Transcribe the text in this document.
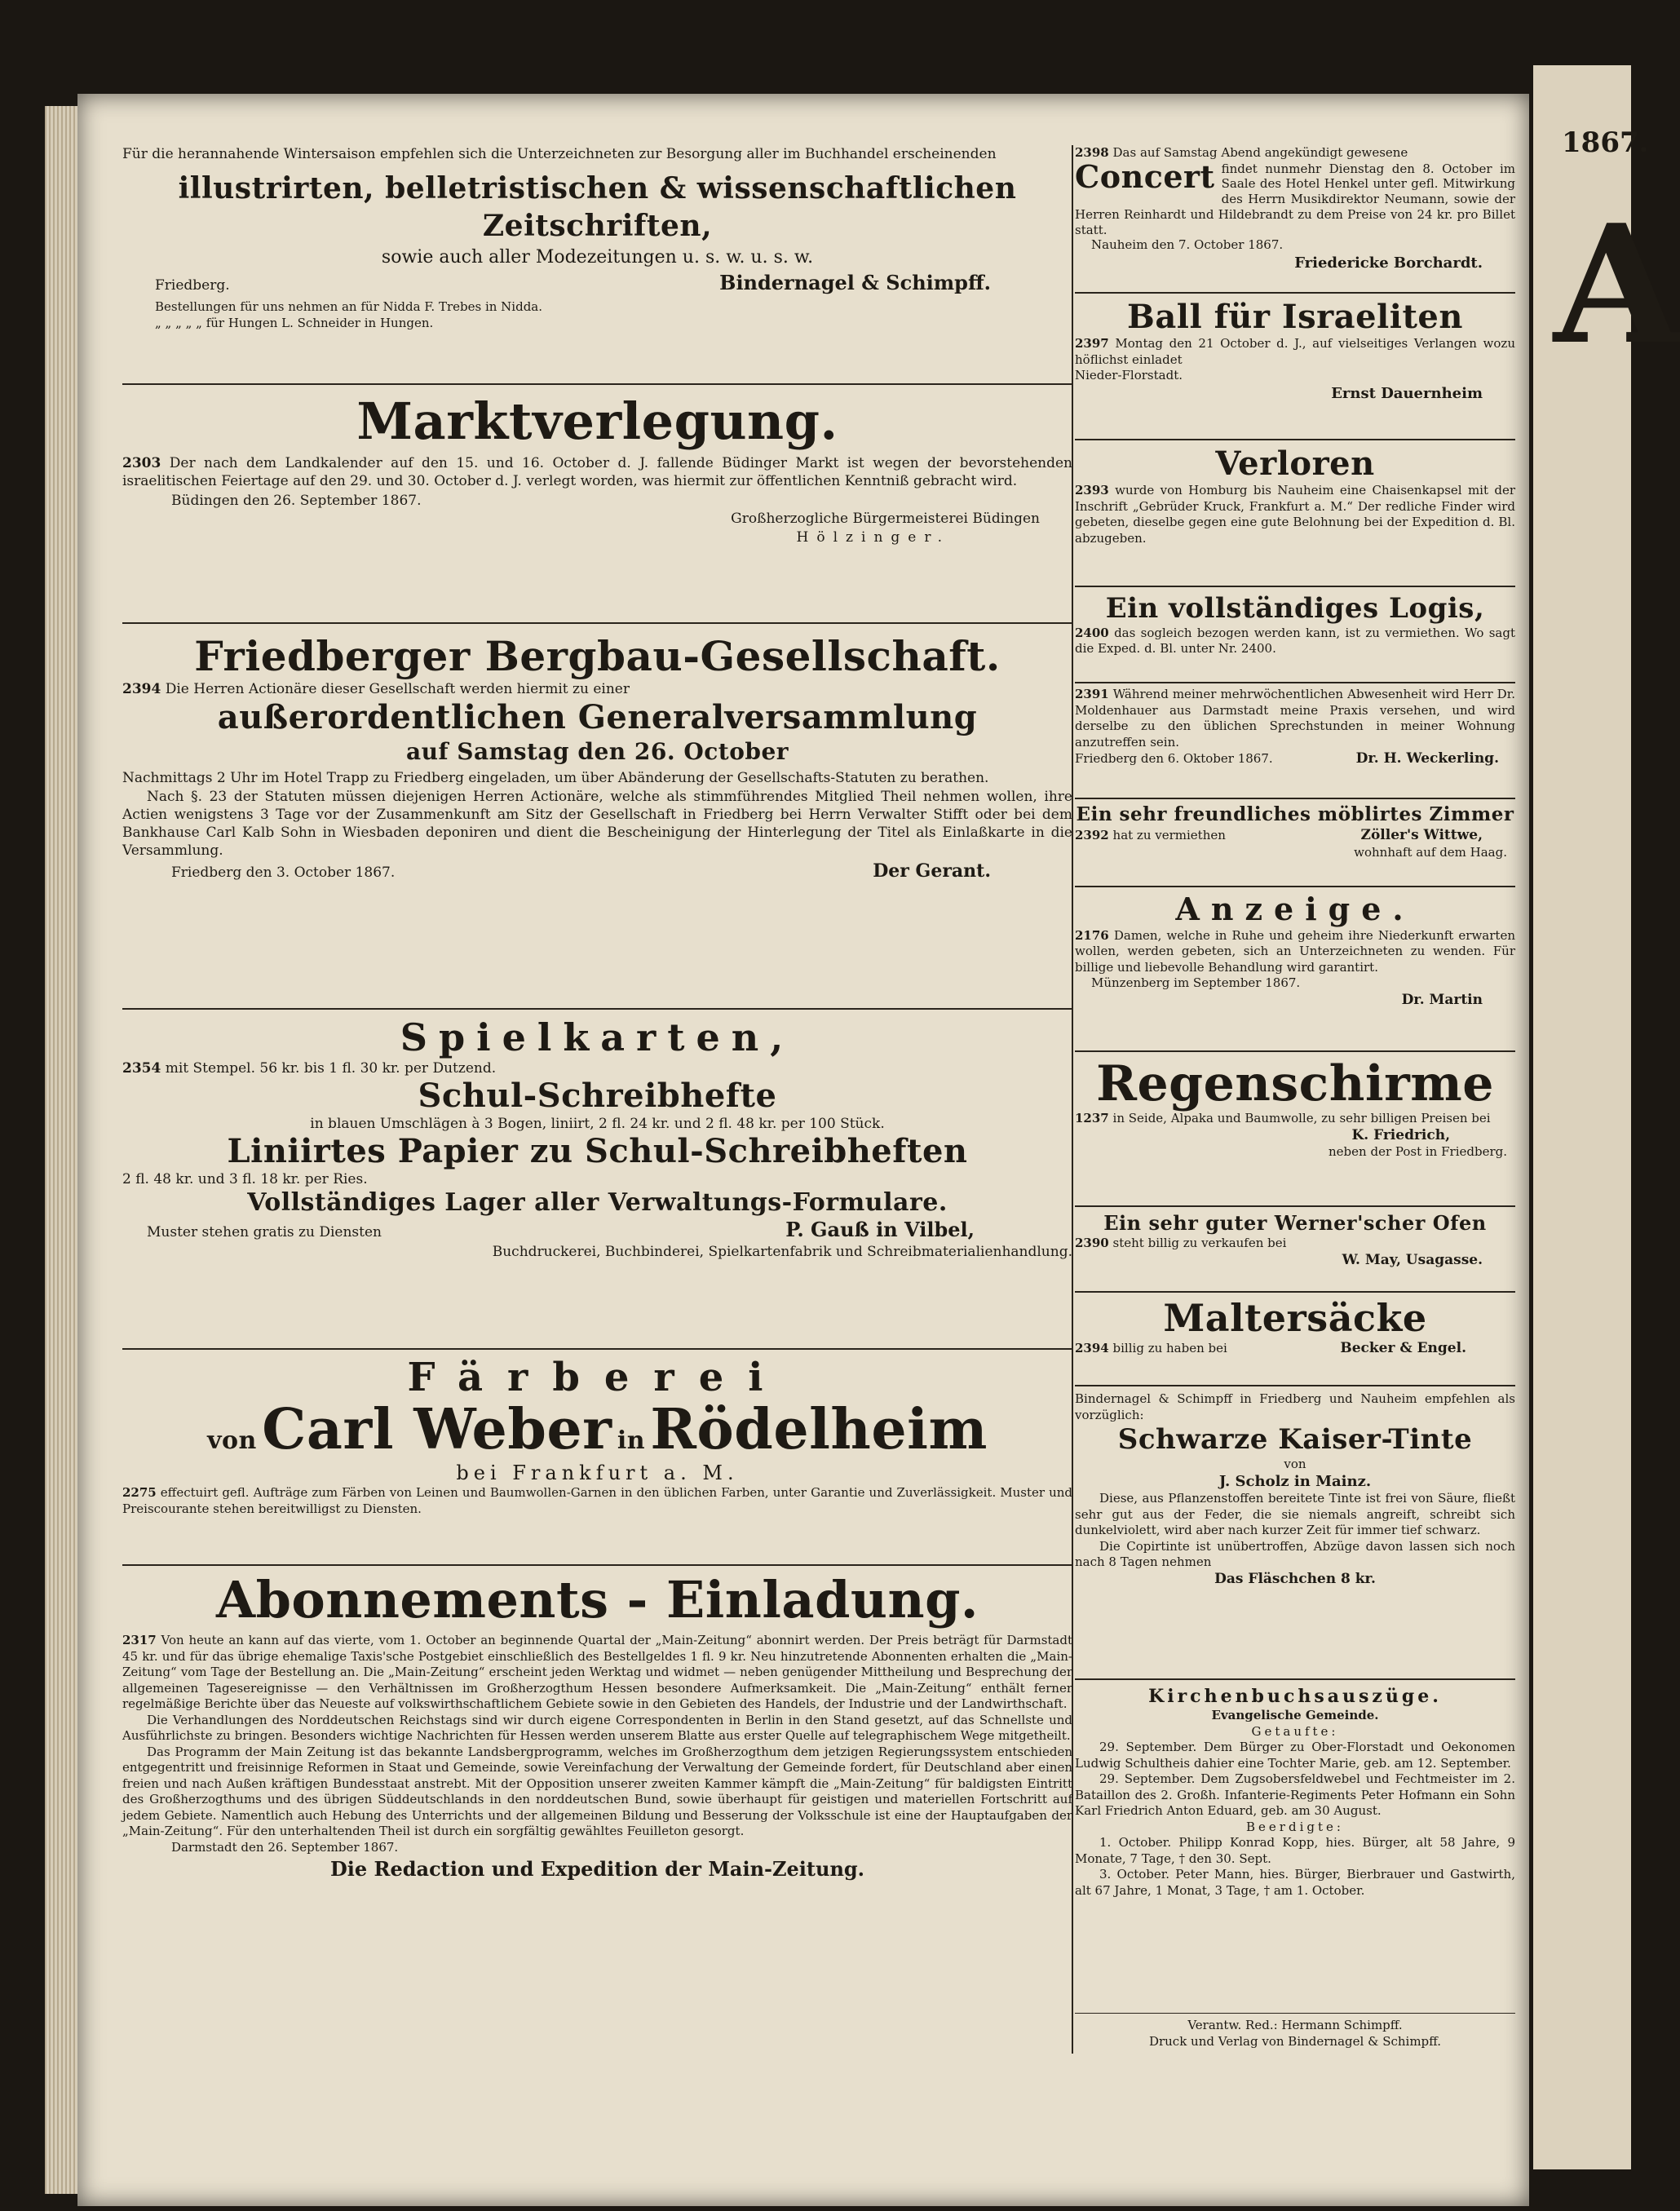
1867.
A

Für die herannahende Wintersaison empfehlen sich die Unterzeichneten zur Besorgung aller im Buchhandel erscheinenden

illustrirten, belletristischen & wissenschaftlichen Zeitschriften,

sowie auch aller Modezeitungen u. s. w. u. s. w.

Friedberg.	Bindernagel & Schimpff.

Bestellungen für uns nehmen an für Nidda F. Trebes in Nidda.

„ „ „ „ „ für Hungen L. Schneider in Hungen.

Marktverlegung.

2303 Der nach dem Landkalender auf den 15. und 16. October d. J. fallende Büdinger Markt ist wegen der bevorstehenden israelitischen Feiertage auf den 29. und 30. October d. J. verlegt worden, was hiermit zur öffentlichen Kenntniß gebracht wird.

Büdingen den 26. September 1867.

Großherzogliche Bürgermeisterei Büdingen

Hölzinger.

Friedberger Bergbau-Gesellschaft.

2394 Die Herren Actionäre dieser Gesellschaft werden hiermit zu einer

außerordentlichen Generalversammlung

auf Samstag den 26. October

Nachmittags 2 Uhr im Hotel Trapp zu Friedberg eingeladen, um über Abänderung der Gesellschafts-Statuten zu berathen.

Nach §. 23 der Statuten müssen diejenigen Herren Actionäre, welche als stimmführendes Mitglied Theil nehmen wollen, ihre Actien wenigstens 3 Tage vor der Zusammenkunft am Sitz der Gesellschaft in Friedberg bei Herrn Verwalter Stifft oder bei dem Bankhause Carl Kalb Sohn in Wiesbaden deponiren und dient die Bescheinigung der Hinterlegung der Titel als Einlaßkarte in die Versammlung.

Friedberg den 3. October 1867.	Der Gerant.

Spielkarten,

2354 mit Stempel. 56 kr. bis 1 fl. 30 kr. per Dutzend.

Schul-Schreibhefte

in blauen Umschlägen à 3 Bogen, liniirt, 2 fl. 24 kr. und 2 fl. 48 kr. per 100 Stück.

Liniirtes Papier zu Schul-Schreibheften

2 fl. 48 kr. und 3 fl. 18 kr. per Ries.

Vollständiges Lager aller Verwaltungs-Formulare.

Muster stehen gratis zu Diensten	P. Gauß in Vilbel,

Buchdruckerei, Buchbinderei, Spielkartenfabrik und Schreibmaterialienhandlung.

Färberei

von Carl Weber in Rödelheim

bei Frankfurt a. M.

2275 effectuirt gefl. Aufträge zum Färben von Leinen und Baumwollen-Garnen in den üblichen Farben, unter Garantie und Zuverlässigkeit. Muster und Preiscourante stehen bereitwilligst zu Diensten.

Abonnements - Einladung.

2317 Von heute an kann auf das vierte, vom 1. October an beginnende Quartal der „Main-Zeitung“ abonnirt werden. Der Preis beträgt für Darmstadt 45 kr. und für das übrige ehemalige Taxis'sche Postgebiet einschließlich des Bestellgeldes 1 fl. 9 kr. Neu hinzutretende Abonnenten erhalten die „Main-Zeitung“ vom Tage der Bestellung an. Die „Main-Zeitung“ erscheint jeden Werktag und widmet — neben genügender Mittheilung und Besprechung der allgemeinen Tagesereignisse — den Verhältnissen im Großherzogthum Hessen besondere Aufmerksamkeit. Die „Main-Zeitung“ enthält ferner regelmäßige Berichte über das Neueste auf volkswirthschaftlichem Gebiete sowie in den Gebieten des Handels, der Industrie und der Landwirthschaft.

Die Verhandlungen des Norddeutschen Reichstags sind wir durch eigene Correspondenten in Berlin in den Stand gesetzt, auf das Schnellste und Ausführlichste zu bringen. Besonders wichtige Nachrichten für Hessen werden unserem Blatte aus erster Quelle auf telegraphischem Wege mitgetheilt.

Das Programm der Main Zeitung ist das bekannte Landsbergprogramm, welches im Großherzogthum dem jetzigen Regierungssystem entschieden entgegentritt und freisinnige Reformen in Staat und Gemeinde, sowie Vereinfachung der Verwaltung der Gemeinde fordert, für Deutschland aber einen freien und nach Außen kräftigen Bundesstaat anstrebt. Mit der Opposition unserer zweiten Kammer kämpft die „Main-Zeitung“ für baldigsten Eintritt des Großherzogthums und des übrigen Süddeutschlands in den norddeutschen Bund, sowie überhaupt für geistigen und materiellen Fortschritt auf jedem Gebiete. Namentlich auch Hebung des Unterrichts und der allgemeinen Bildung und Besserung der Volksschule ist eine der Hauptaufgaben der „Main-Zeitung“. Für den unterhaltenden Theil ist durch ein sorgfältig gewähltes Feuilleton gesorgt.

Darmstadt den 26. September 1867.

Die Redaction und Expedition der Main-Zeitung.

2398 Das auf Samstag Abend angekündigt gewesene

Concert findet nunmehr Dienstag den 8. October im Saale des Hotel Henkel unter gefl. Mitwirkung des Herrn Musikdirektor Neumann, sowie der Herren Reinhardt und Hildebrandt zu dem Preise von 24 kr. pro Billet statt.

Nauheim den 7. October 1867.

Friedericke Borchardt.

Ball für Israeliten

2397 Montag den 21 October d. J., auf vielseitiges Verlangen wozu höflichst einladet

Nieder-Florstadt.

Ernst Dauernheim

Verloren

2393 wurde von Homburg bis Nauheim eine Chaisenkapsel mit der Inschrift „Gebrüder Kruck, Frankfurt a. M.“ Der redliche Finder wird gebeten, dieselbe gegen eine gute Belohnung bei der Expedition d. Bl. abzugeben.

Ein vollständiges Logis,

2400 das sogleich bezogen werden kann, ist zu vermiethen. Wo sagt die Exped. d. Bl. unter Nr. 2400.

2391 Während meiner mehrwöchentlichen Abwesenheit wird Herr Dr. Moldenhauer aus Darmstadt meine Praxis versehen, und wird derselbe zu den üblichen Sprechstunden in meiner Wohnung anzutreffen sein.

Friedberg den 6. Oktober 1867.	Dr. H. Weckerling.

Ein sehr freundliches möblirtes Zimmer

2392 hat zu vermiethen	Zöller's Wittwe,

wohnhaft auf dem Haag.

Anzeige.

2176 Damen, welche in Ruhe und geheim ihre Niederkunft erwarten wollen, werden gebeten, sich an Unterzeichneten zu wenden. Für billige und liebevolle Behandlung wird garantirt.

Münzenberg im September 1867.

Dr. Martin

Regenschirme

1237 in Seide, Alpaka und Baumwolle, zu sehr billigen Preisen bei

K. Friedrich,

neben der Post in Friedberg.

Ein sehr guter Werner'scher Ofen

2390 steht billig zu verkaufen bei

W. May, Usagasse.

Maltersäcke

2394 billig zu haben bei	Becker & Engel.

Bindernagel & Schimpff in Friedberg und Nauheim empfehlen als vorzüglich:

Schwarze Kaiser-Tinte

von

J. Scholz in Mainz.

Diese, aus Pflanzenstoffen bereitete Tinte ist frei von Säure, fließt sehr gut aus der Feder, die sie niemals angreift, schreibt sich dunkelviolett, wird aber nach kurzer Zeit für immer tief schwarz.

Die Copirtinte ist unübertroffen, Abzüge davon lassen sich noch nach 8 Tagen nehmen

Das Fläschchen 8 kr.

Kirchenbuchsauszüge.

Evangelische Gemeinde.

Getaufte:

29. September. Dem Bürger zu Ober-Florstadt und Oekonomen Ludwig Schultheis dahier eine Tochter Marie, geb. am 12. September.

29. September. Dem Zugsobersfeldwebel und Fechtmeister im 2. Bataillon des 2. Großh. Infanterie-Regiments Peter Hofmann ein Sohn Karl Friedrich Anton Eduard, geb. am 30 August.

Beerdigte:

1. October. Philipp Konrad Kopp, hies. Bürger, alt 58 Jahre, 9 Monate, 7 Tage, † den 30. Sept.

3. October. Peter Mann, hies. Bürger, Bierbrauer und Gastwirth, alt 67 Jahre, 1 Monat, 3 Tage, † am 1. October.

Verantw. Red.: Hermann Schimpff.

Druck und Verlag von Bindernagel & Schimpff.
